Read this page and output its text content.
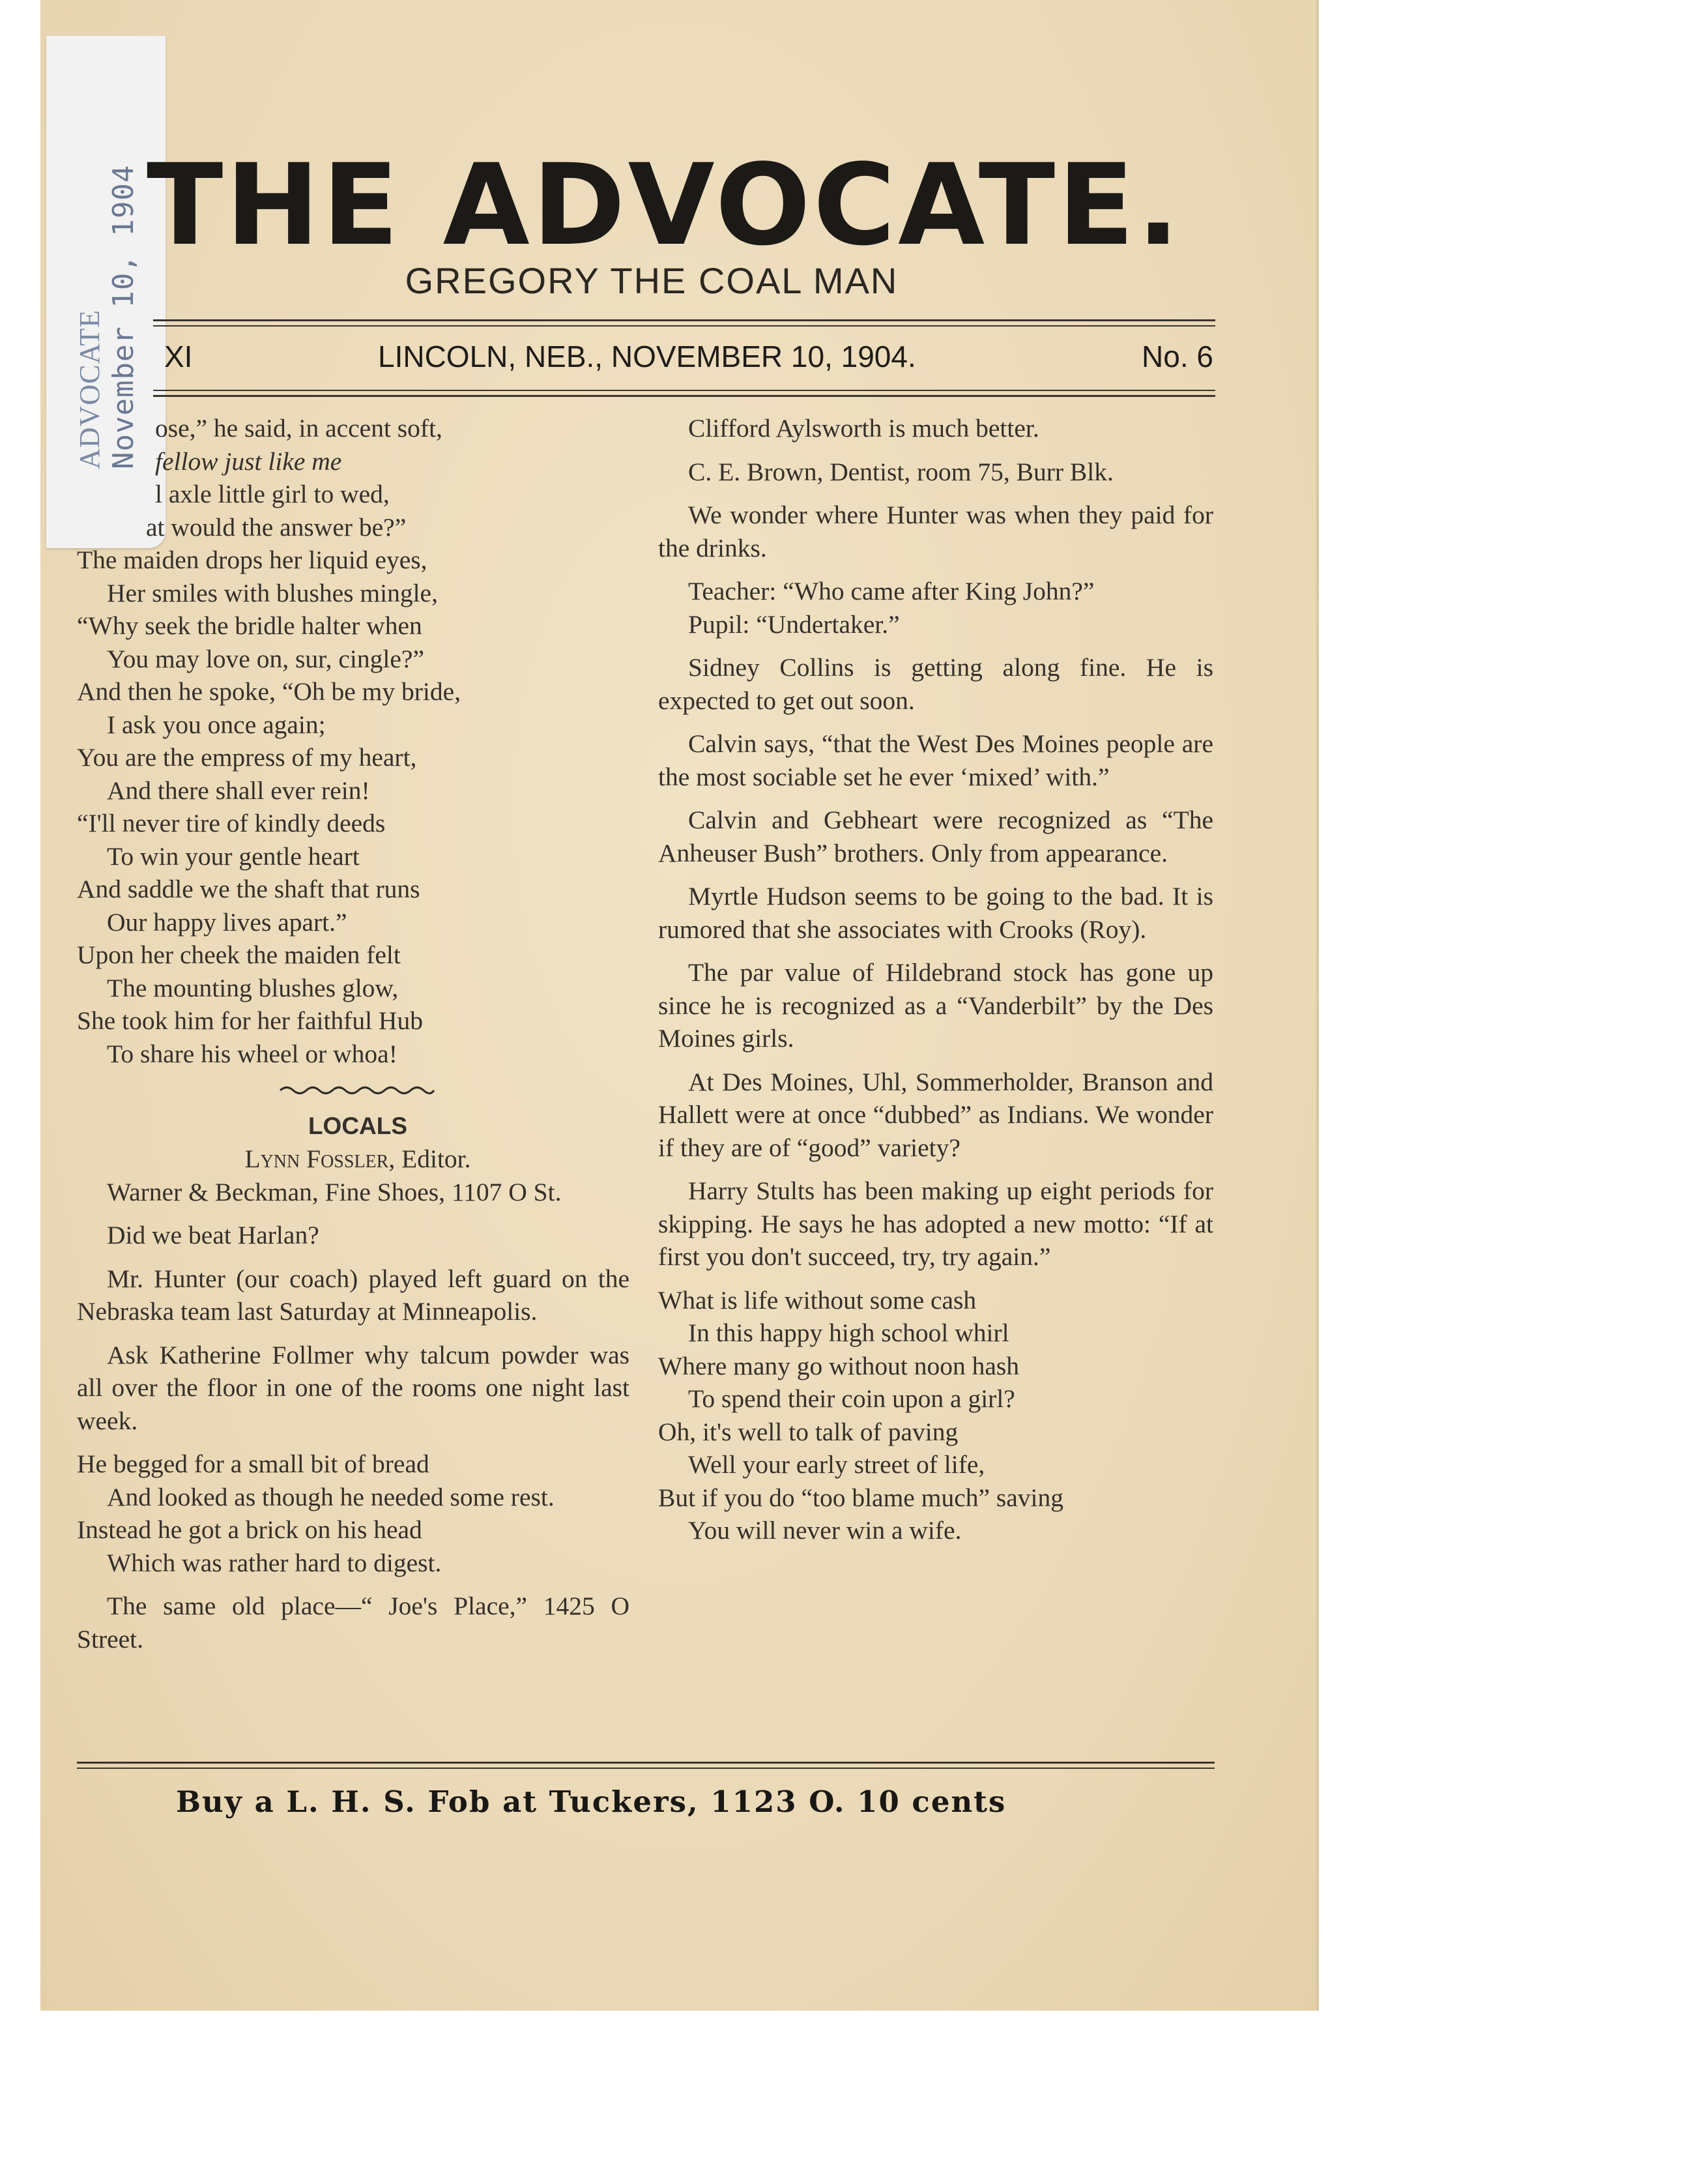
ADVOCATE November 10, 1904 THE ADVOCATE.
GREGORY THE COAL MAN
XI	LINCOLN, NEB., NOVEMBER 10, 1904.	No. 6

ose,” he said, in accent soft,

fellow just like me

l axle little girl to wed,

at would the answer be?”

The maiden drops her liquid eyes,

Her smiles with blushes mingle,

“Why seek the bridle halter when

You may love on, sur, cingle?”

And then he spoke, “Oh be my bride,

I ask you once again;

You are the empress of my heart,

And there shall ever rein!

“I'll never tire of kindly deeds

To win your gentle heart

And saddle we the shaft that runs

Our happy lives apart.”

Upon her cheek the maiden felt

The mounting blushes glow,

She took him for her faithful Hub

To share his wheel or whoa!

LOCALS

Lynn Fossler, Editor.

Warner & Beckman, Fine Shoes, 1107 O St.

Did we beat Harlan?

Mr. Hunter (our coach) played left guard on the Nebraska team last Saturday at Minneapolis.

Ask Katherine Follmer why talcum powder was all over the floor in one of the rooms one night last week.

He begged for a small bit of bread

And looked as though he needed some rest.

Instead he got a brick on his head

Which was rather hard to digest.

The same old place—“ Joe's Place,” 1425 O Street.

Clifford Aylsworth is much better.

C. E. Brown, Dentist, room 75, Burr Blk.

We wonder where Hunter was when they paid for the drinks.

Teacher: “Who came after King John?”

Pupil: “Undertaker.”

Sidney Collins is getting along fine. He is expected to get out soon.

Calvin says, “that the West Des Moines people are the most sociable set he ever ‘mixed’ with.”

Calvin and Gebheart were recognized as “The Anheuser Bush” brothers. Only from appearance.

Myrtle Hudson seems to be going to the bad. It is rumored that she associates with Crooks (Roy).

The par value of Hildebrand stock has gone up since he is recognized as a “Vanderbilt” by the Des Moines girls.

At Des Moines, Uhl, Sommerholder, Branson and Hallett were at once “dubbed” as Indians. We wonder if they are of “good” variety?

Harry Stults has been making up eight periods for skipping. He says he has adopted a new motto: “If at first you don't succeed, try, try again.”

What is life without some cash

In this happy high school whirl

Where many go without noon hash

To spend their coin upon a girl?

Oh, it's well to talk of paving

Well your early street of life,

But if you do “too blame much” saving

You will never win a wife.

Buy a L. H. S. Fob at Tuckers, 1123 O. 10 cents
